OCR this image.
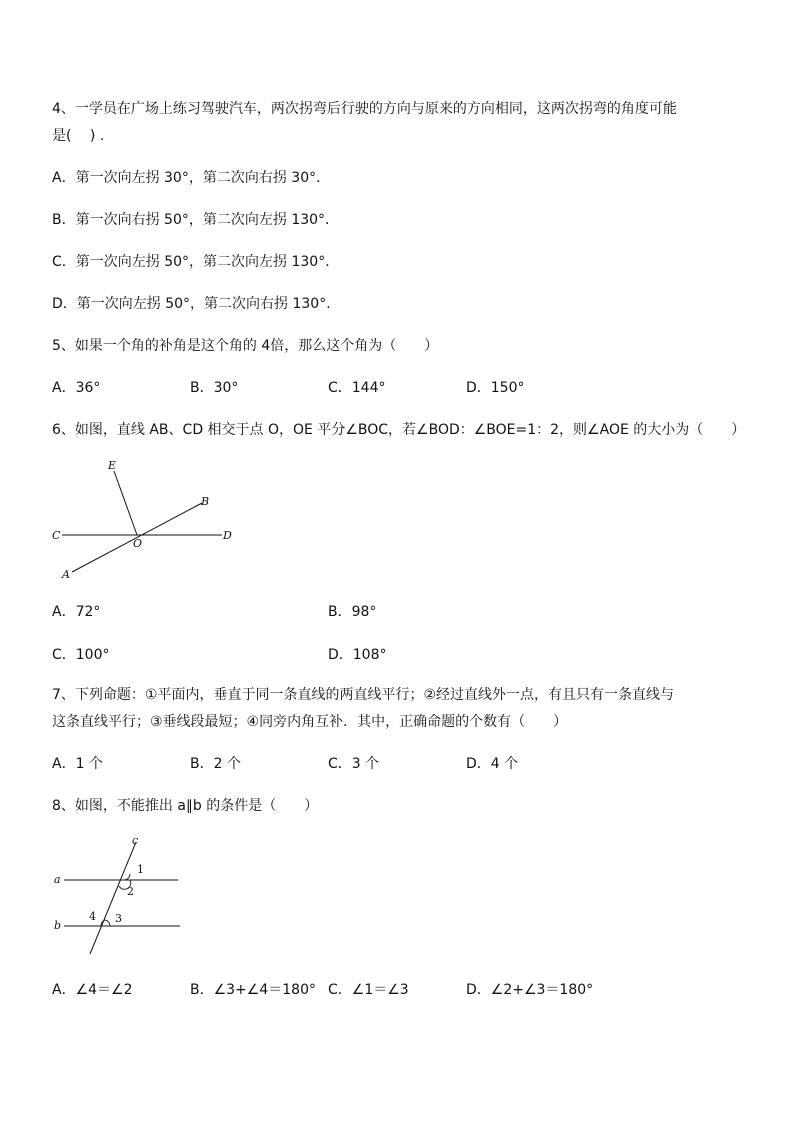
4、一学员在广场上练习驾驶汽车，两次拐弯后行驶的方向与原来的方向相同，这两次拐弯的角度可能
是(　 ) .
A．第一次向左拐 30°，第二次向右拐 30°．
B．第一次向右拐 50°，第二次向左拐 130°．
C．第一次向左拐 50°，第二次向左拐 130°．
D．第一次向左拐 50°，第二次向右拐 130°．
5、如果一个角的补角是这个角的 4倍，那么这个角为（　　）
A．36°	B．30°	C．144°	D．150°
6、如图，直线 AB、CD 相交于点 O，OE 平分∠BOC，若∠BOD：∠BOE=1：2，则∠AOE 的大小为（　　）
E
B
C
O
D
A
A．72°	B．98°
C．100°	D．108°
7、下列命题：①平面内，垂直于同一条直线的两直线平行；②经过直线外一点，有且只有一条直线与
这条直线平行；③垂线段最短；④同旁内角互补．其中，正确命题的个数有（　　）
A．1 个	B．2 个	C．3 个	D．4 个
8、如图，不能推出 a∥b 的条件是（　　）
c
a
b
1
2
3
4
A．∠4＝∠2	B．∠3+∠4＝180° C．∠1＝∠3	D．∠2+∠3＝180°
